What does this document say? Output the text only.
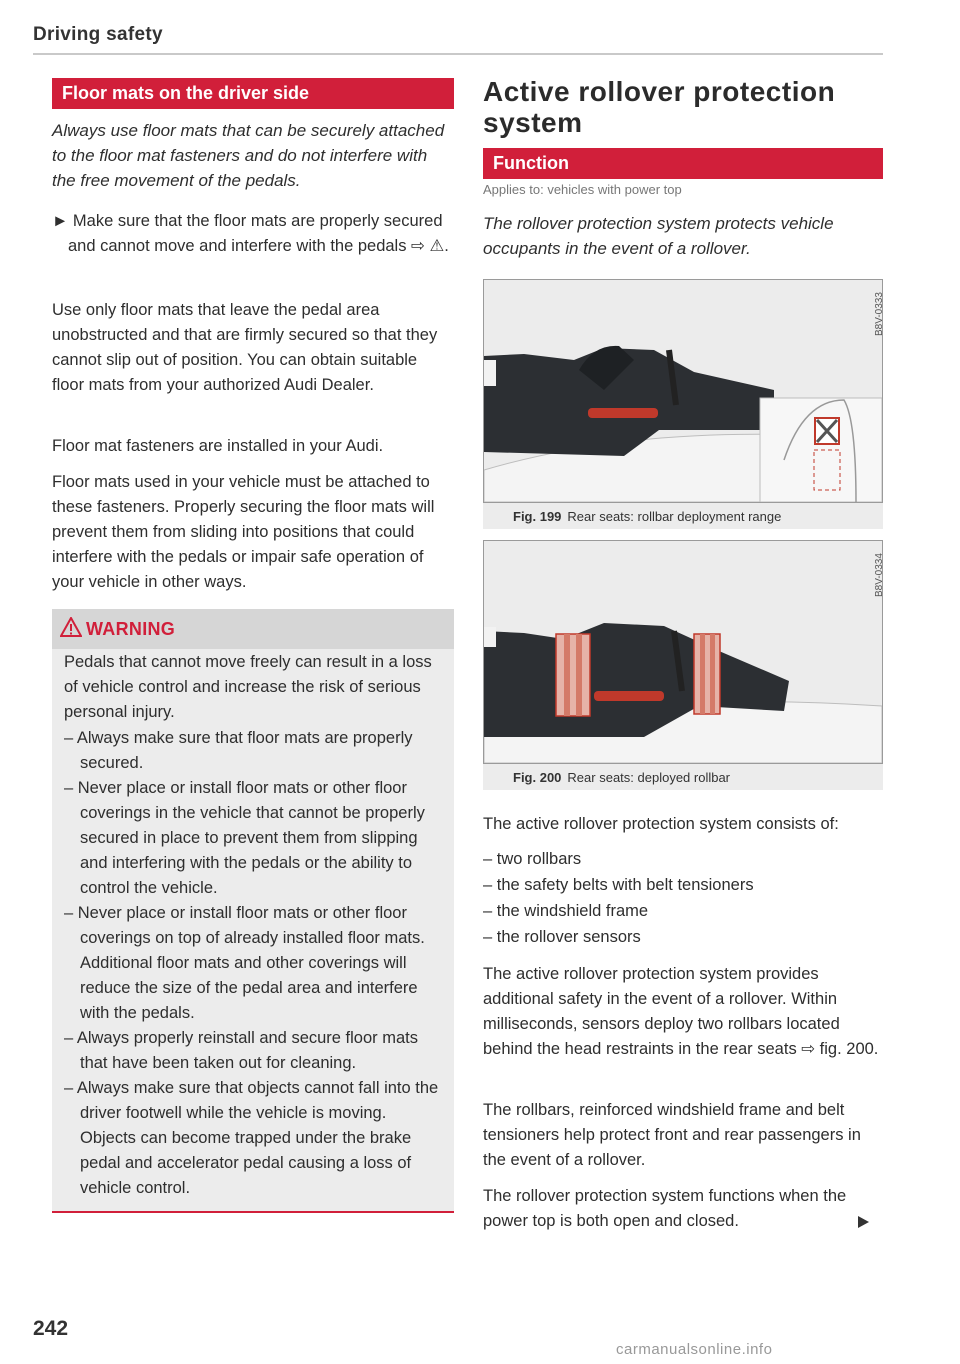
Driving safety
Floor mats on the driver side

Always use floor mats that can be securely attached to the floor mat fasteners and do not interfere with the free movement of the pedals.

► Make sure that the floor mats are properly secured and cannot move and interfere with the pedals ⇨ ⚠.

Use only floor mats that leave the pedal area unobstructed and that are firmly secured so that they cannot slip out of position. You can obtain suitable floor mats from your authorized Audi Dealer.

Floor mat fasteners are installed in your Audi.

Floor mats used in your vehicle must be attached to these fasteners. Properly securing the floor mats will prevent them from sliding into positions that could interfere with the pedals or impair safe operation of your vehicle in other ways.

WARNING

Pedals that cannot move freely can result in a loss of vehicle control and increase the risk of serious personal injury.

– Always make sure that floor mats are properly secured.
– Never place or install floor mats or other floor coverings in the vehicle that cannot be properly secured in place to prevent them from slipping and interfering with the pedals or the ability to control the vehicle.
– Never place or install floor mats or other floor coverings on top of already installed floor mats. Additional floor mats and other coverings will reduce the size of the pedal area and interfere with the pedals.
– Always properly reinstall and secure floor mats that have been taken out for cleaning.
– Always make sure that objects cannot fall into the driver footwell while the vehicle is moving. Objects can become trapped under the brake pedal and accelerator pedal causing a loss of vehicle control.
Active rollover protection system
Function
Applies to: vehicles with power top

The rollover protection system protects vehicle occupants in the event of a rollover.

B8V-0333
Fig. 199 Rear seats: rollbar deployment range
B8V-0334
Fig. 200 Rear seats: deployed rollbar

The active rollover protection system consists of:

– two rollbars
– the safety belts with belt tensioners
– the windshield frame
– the rollover sensors

The active rollover protection system provides additional safety in the event of a rollover. Within milliseconds, sensors deploy two rollbars located behind the head restraints in the rear seats ⇨ fig. 200.

The rollbars, reinforced windshield frame and belt tensioners help protect front and rear passengers in the event of a rollover.

The rollover protection system functions when the power top is both open and closed.

242
carmanualsonline.info
